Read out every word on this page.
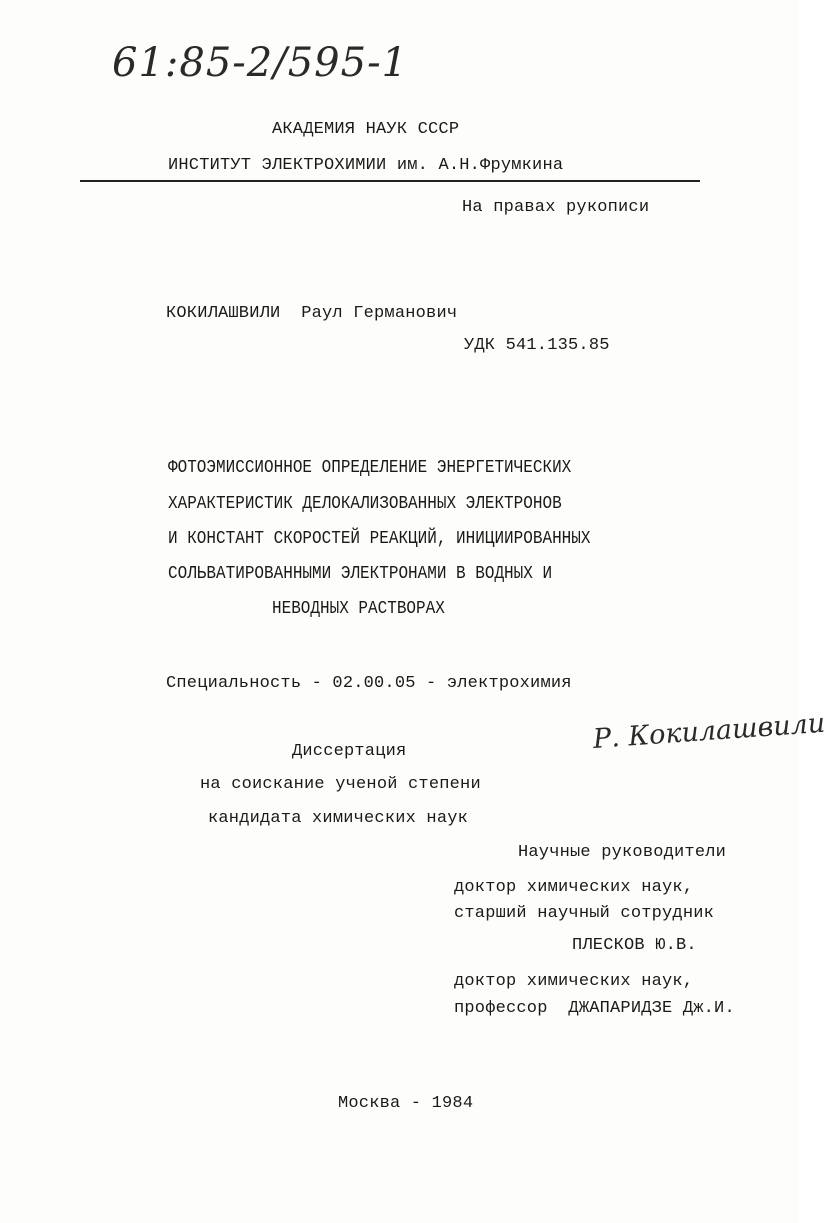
61:85-2/595-1
АКАДЕМИЯ НАУК СССР
ИНСТИТУТ ЭЛЕКТРОХИМИИ им. А.Н.Фрумкина
На правах рукописи
КОКИЛАШВИЛИ  Раул Германович
УДК 541.135.85
ФОТОЭМИССИОННОЕ ОПРЕДЕЛЕНИЕ ЭНЕРГЕТИЧЕСКИХ
ХАРАКТЕРИСТИК ДЕЛОКАЛИЗОВАННЫХ ЭЛЕКТРОНОВ
И КОНСТАНТ СКОРОСТЕЙ РЕАКЦИЙ, ИНИЦИИРОВАННЫХ
СОЛЬВАТИРОВАННЫМИ ЭЛЕКТРОНАМИ В ВОДНЫХ И
НЕВОДНЫХ РАСТВОРАХ
Специальность - 02.00.05 - электрохимия
Р. Кокилашвили
Диссертация
на соискание ученой степени
кандидата химических наук
Научные руководители
доктор химических наук,
старший научный сотрудник
ПЛЕСКОВ Ю.В.
доктор химических наук,
профессор  ДЖАПАРИДЗЕ Дж.И.
Москва - 1984
